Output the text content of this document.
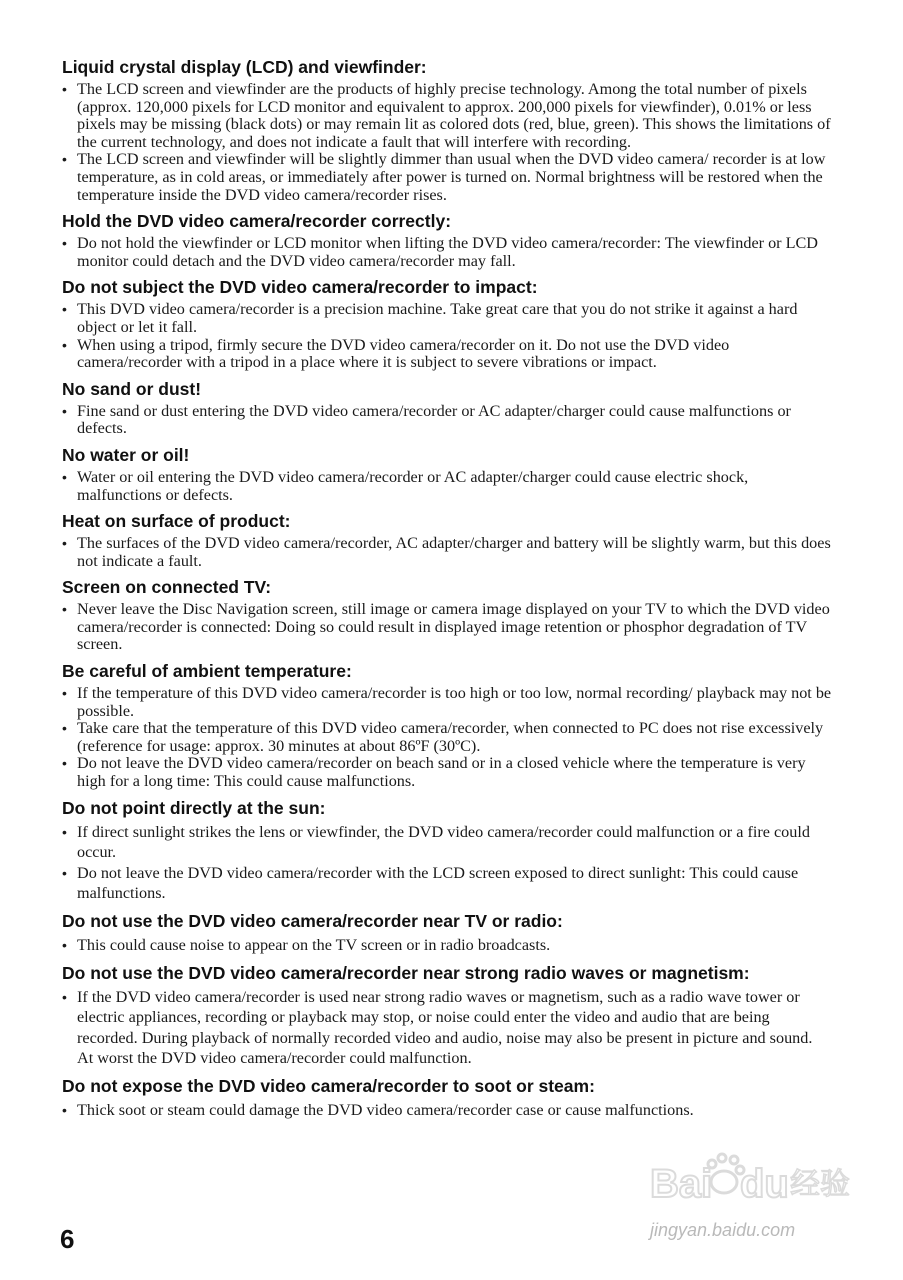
Liquid crystal display (LCD) and viewfinder:
• The LCD screen and viewfinder are the products of highly precise technology. Among the total number of pixels (approx. 120,000 pixels for LCD monitor and equivalent to approx. 200,000 pixels for viewfinder), 0.01% or less pixels may be missing (black dots) or may remain lit as colored dots (red, blue, green). This shows the limitations of the current technology, and does not indicate a fault that will interfere with recording.
• The LCD screen and viewfinder will be slightly dimmer than usual when the DVD video camera/ recorder is at low temperature, as in cold areas, or immediately after power is turned on. Normal brightness will be restored when the temperature inside the DVD video camera/recorder rises.
Hold the DVD video camera/recorder correctly:
• Do not hold the viewfinder or LCD monitor when lifting the DVD video camera/recorder: The viewfinder or LCD monitor could detach and the DVD video camera/recorder may fall.
Do not subject the DVD video camera/recorder to impact:
• This DVD video camera/recorder is a precision machine. Take great care that you do not strike it against a hard object or let it fall.
• When using a tripod, firmly secure the DVD video camera/recorder on it. Do not use the DVD video camera/recorder with a tripod in a place where it is subject to severe vibrations or impact.
No sand or dust!
• Fine sand or dust entering the DVD video camera/recorder or AC adapter/charger could cause malfunctions or defects.
No water or oil!
• Water or oil entering the DVD video camera/recorder or AC adapter/charger could cause electric shock, malfunctions or defects.
Heat on surface of product:
• The surfaces of the DVD video camera/recorder, AC adapter/charger and battery will be slightly warm, but this does not indicate a fault.
Screen on connected TV:
• Never leave the Disc Navigation screen, still image or camera image displayed on your TV to which the DVD video camera/recorder is connected: Doing so could result in displayed image retention or phosphor degradation of TV screen.
Be careful of ambient temperature:
• If the temperature of this DVD video camera/recorder is too high or too low, normal recording/ playback may not be possible.
• Take care that the temperature of this DVD video camera/recorder, when connected to PC does not rise excessively (reference for usage: approx. 30 minutes at about 86ºF (30ºC).
• Do not leave the DVD video camera/recorder on beach sand or in a closed vehicle where the temperature is very high for a long time: This could cause malfunctions.
Do not point directly at the sun:
• If direct sunlight strikes the lens or viewfinder, the DVD video camera/recorder could malfunction or a fire could occur.
• Do not leave the DVD video camera/recorder with the LCD screen exposed to direct sunlight: This could cause malfunctions.
Do not use the DVD video camera/recorder near TV or radio:
• This could cause noise to appear on the TV screen or in radio broadcasts.
Do not use the DVD video camera/recorder near strong radio waves or magnetism:
• If the DVD video camera/recorder is used near strong radio waves or magnetism, such as a radio wave tower or electric appliances, recording or playback may stop, or noise could enter the video and audio that are being recorded. During playback of normally recorded video and audio, noise may also be present in picture and sound.
At worst the DVD video camera/recorder could malfunction.
Do not expose the DVD video camera/recorder to soot or steam:
• Thick soot or steam could damage the DVD video camera/recorder case or cause malfunctions.
6
Bai du 经验
jingyan.baidu.com
